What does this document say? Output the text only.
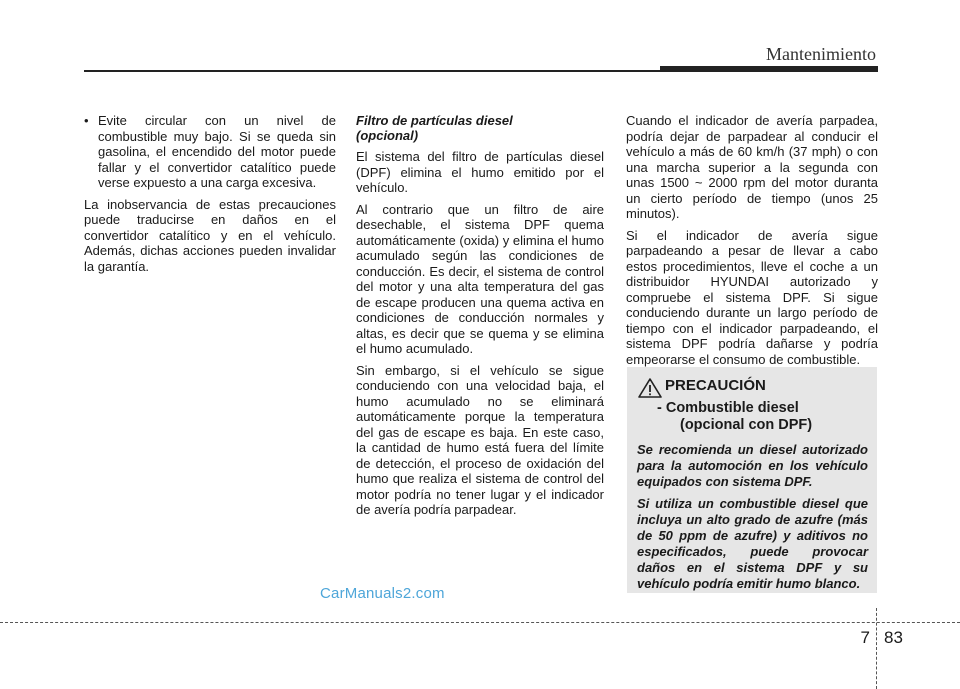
Mantenimiento
• Evite circular con un nivel de combustible muy bajo. Si se queda sin gasolina, el encendido del motor puede fallar y el convertidor catalítico puede verse expuesto a una carga excesiva.

La inobservancia de estas precauciones puede traducirse en daños en el convertidor catalítico y en el vehículo. Además, dichas acciones pueden invalidar la garantía.

Filtro de partículas diesel
(opcional)

El sistema del filtro de partículas diesel (DPF) elimina el humo emitido por el vehículo.

Al contrario que un filtro de aire desechable, el sistema DPF quema automáticamente (oxida) y elimina el humo acumulado según las condiciones de conducción. Es decir, el sistema de control del motor y una alta temperatura del gas de escape producen una quema activa en condiciones de conducción normales y altas, es decir que se quema y se elimina el humo acumulado.

Sin embargo, si el vehículo se sigue conduciendo con una velocidad baja, el humo acumulado no se eliminará automáticamente porque la temperatura del gas de escape es baja. En este caso, la cantidad de humo está fuera del límite de detección, el proceso de oxidación del humo que realiza el sistema de control del motor podría no tener lugar y el indicador de avería podría parpadear.

Cuando el indicador de avería parpadea, podría dejar de parpadear al conducir el vehículo a más de 60 km/h (37 mph) o con una marcha superior a la segunda con unas 1500 ~ 2000 rpm del motor duranta un cierto período de tiempo (unos 25 minutos).

Si el indicador de avería sigue parpadeando a pesar de llevar a cabo estos procedimientos, lleve el coche a un distribuidor HYUNDAI autorizado y compruebe el sistema DPF. Si sigue conduciendo durante un largo período de tiempo con el indicador parpadeando, el sistema DPF podría dañarse y podría empeorarse el consumo de combustible.

PRECAUCIÓN
- Combustible diesel
(opcional con DPF)

Se recomienda un diesel autorizado para la automoción en los vehículo equipados con sistema DPF.

Si utiliza un combustible diesel que incluya un alto grado de azufre (más de 50 ppm de azufre) y aditivos no especificados, puede provocar daños en el sistema DPF y su vehículo podría emitir humo blanco.

CarManuals2.com
7 83
